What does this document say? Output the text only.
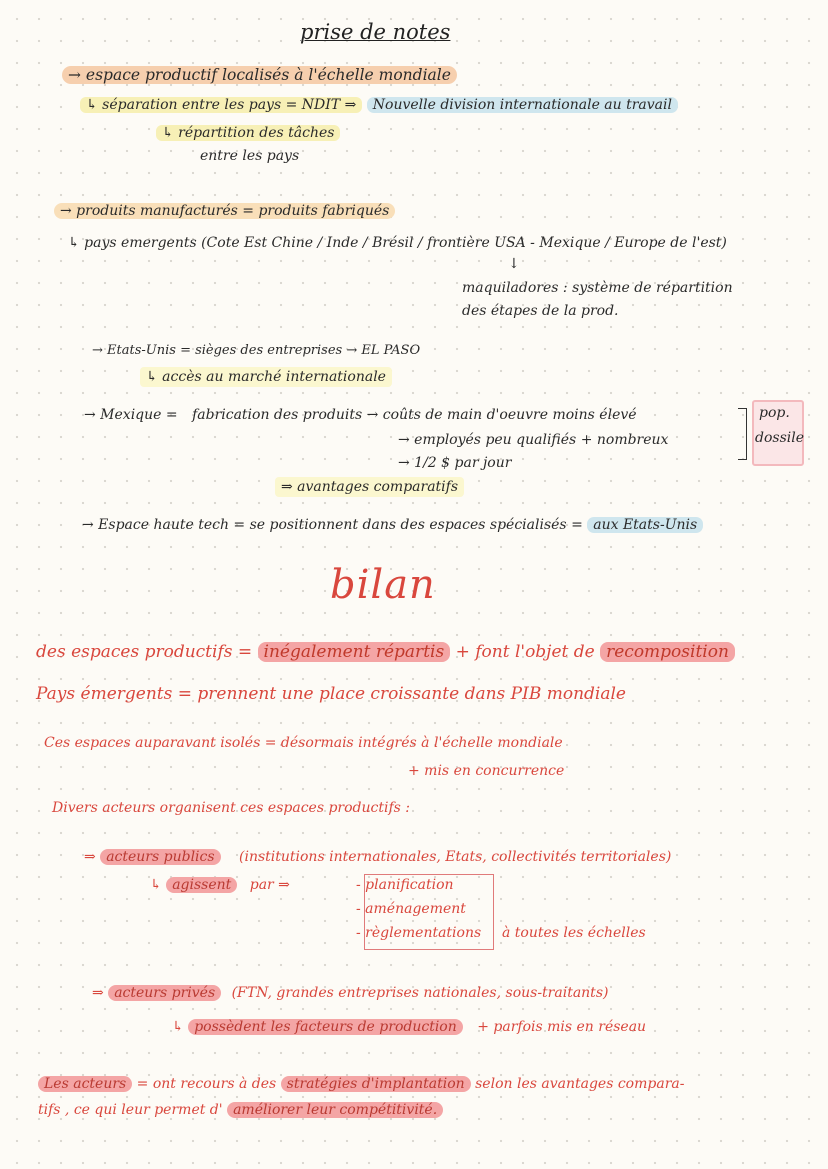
prise de notes
→ espace productif localisés à l'échelle mondiale
↳ séparation entre les pays = NDIT ⇒ Nouvelle division internationale au travail
↳ répartition des tâches
entre les pays
→ produits manufacturés = produits fabriqués
↳ pays emergents (Cote Est Chine / Inde / Brésil / frontière USA - Mexique / Europe de l'est)
↓
maquiladores : système de répartition
des étapes de la prod.
→ Etats-Unis = sièges des entreprises → EL PASO
↳ accès au marché internationale
→ Mexique = fabrication des produits → coûts de main d'oeuvre moins élevé
→ employés peu qualifiés + nombreux
→ 1/2 $ par jour
pop.
dossile
⇒ avantages comparatifs
→ Espace haute tech = se positionnent dans des espaces spécialisés = aux Etats-Unis
bilan
des espaces productifs = inégalement répartis + font l'objet de recomposition
Pays émergents = prennent une place croissante dans PIB mondiale
Ces espaces auparavant isolés = désormais intégrés à l'échelle mondiale
+ mis en concurrence
Divers acteurs organisent ces espaces productifs :
⇒ acteurs publics (institutions internationales, Etats, collectivités territoriales)
↳ agissent par ⇒	- planification
- aménagement
- règlementations à toutes les échelles
⇒ acteurs privés (FTN, grandes entreprises nationales, sous-traitants)
↳ possèdent les facteurs de production + parfois mis en réseau
Les acteurs = ont recours à des stratégies d'implantation selon les avantages compara-
tifs , ce qui leur permet d' améliorer leur compétitivité.
